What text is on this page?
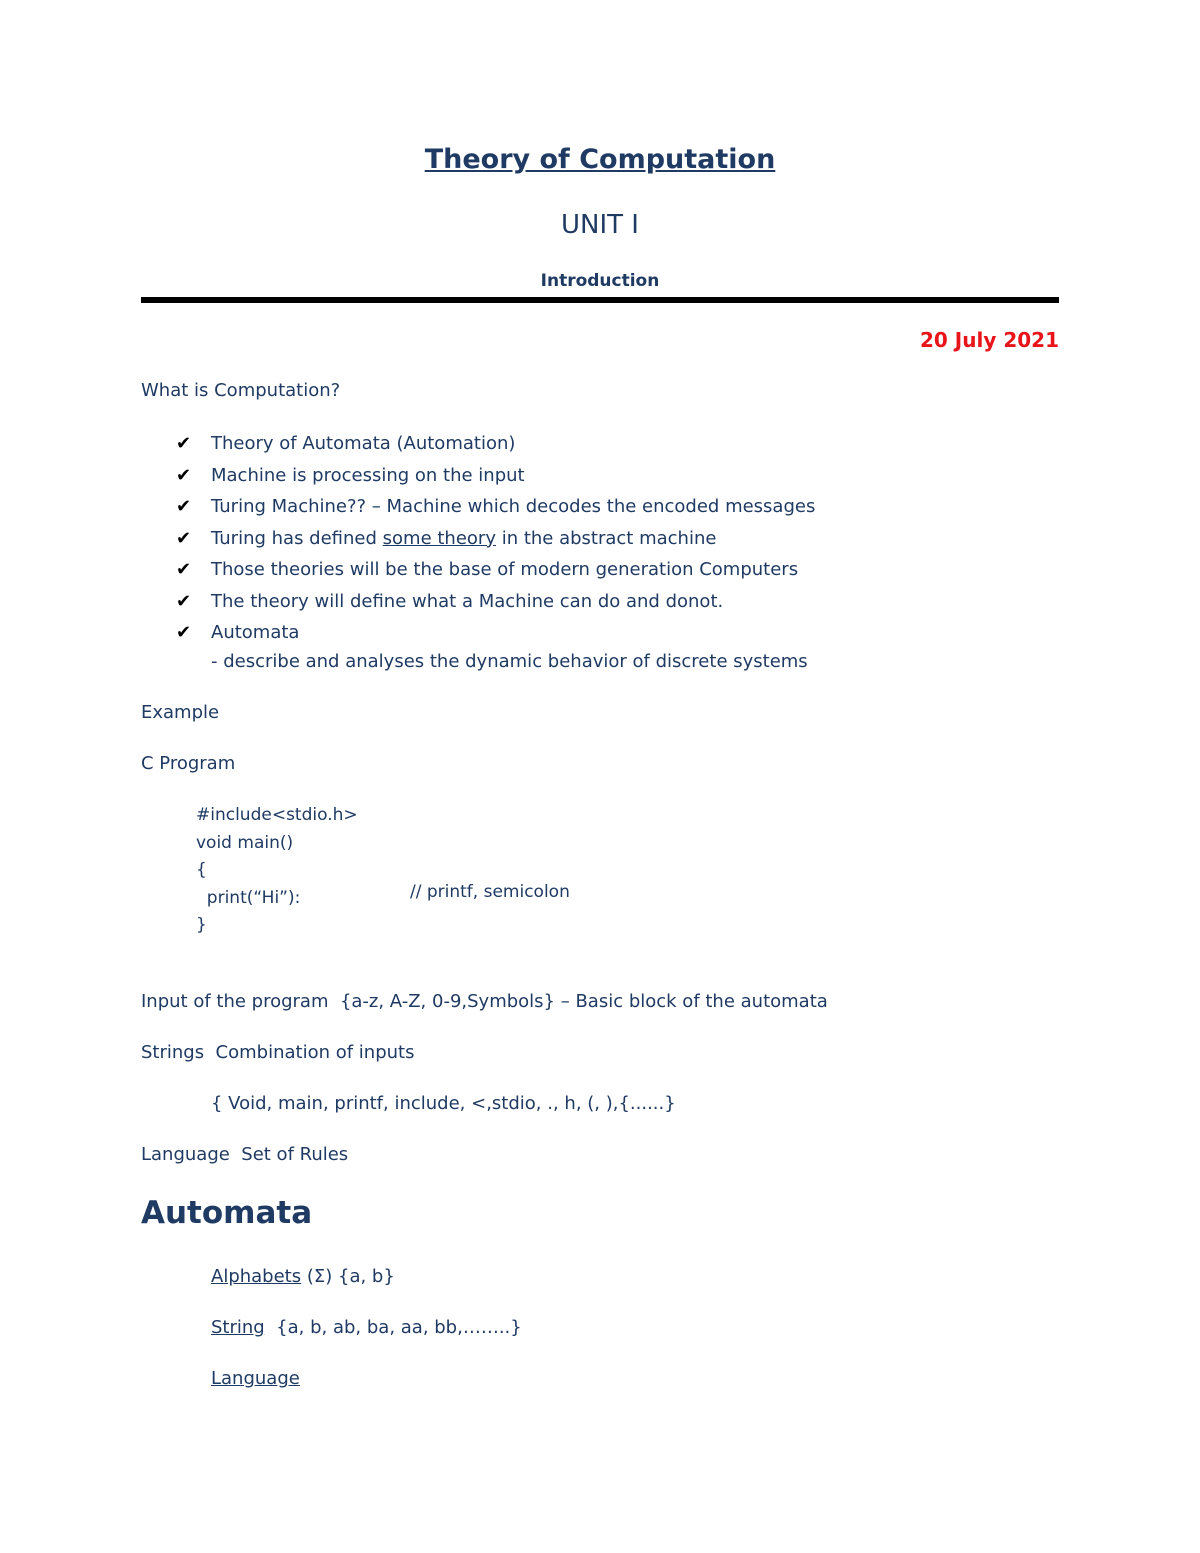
Theory of Computation
UNIT I
Introduction
20 July 2021
What is Computation?
✔	Theory of Automata (Automation)
✔	Machine is processing on the input
✔	Turing Machine?? – Machine which decodes the encoded messages
✔	Turing has defined some theory in the abstract machine
✔	Those theories will be the base of modern generation Computers
✔	The theory will define what a Machine can do and donot.
✔	Automata
- describe and analyses the dynamic behavior of discrete systems
Example
C Program
#include<stdio.h>
void main()
{
print(“Hi”):
}
// printf, semicolon
Input of the program  {a-z, A-Z, 0-9,Symbols} – Basic block of the automata
Strings  Combination of inputs
{ Void, main, printf, include, <,stdio, ., h, (, ),{......}
Language  Set of Rules
Automata
Alphabets (Σ) {a, b}
String  {a, b, ab, ba, aa, bb,……..}
Language
